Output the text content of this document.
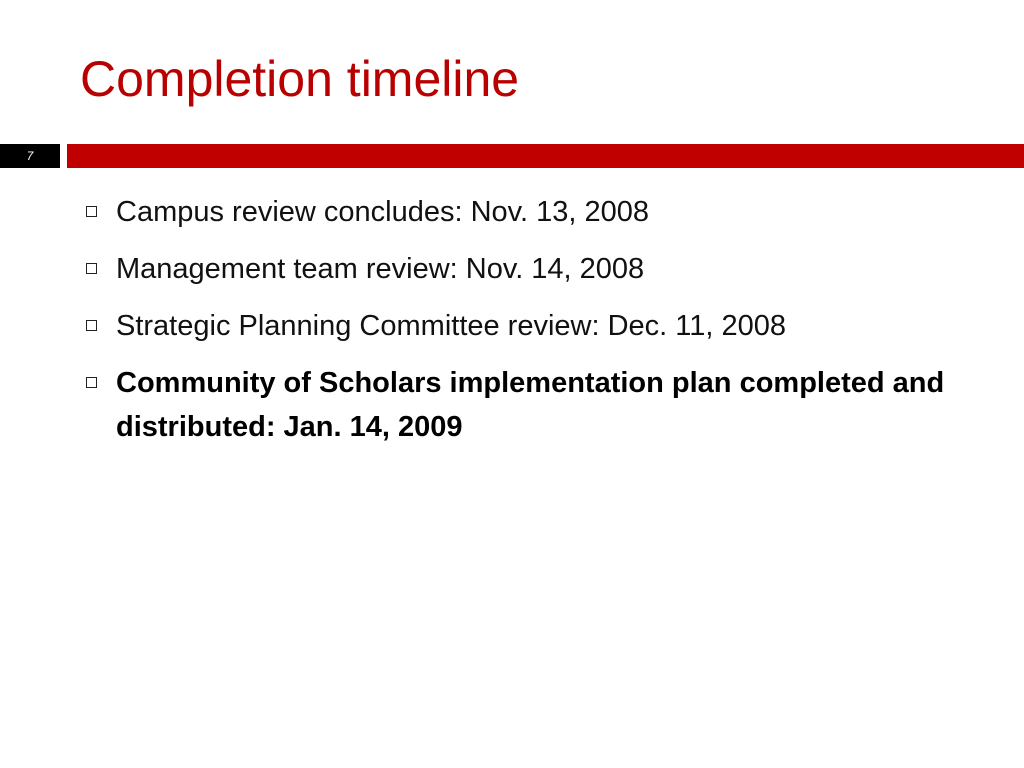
Completion timeline
7
Campus review concludes: Nov. 13, 2008
Management team review: Nov. 14, 2008
Strategic Planning Committee review: Dec. 11, 2008
Community of Scholars implementation plan completed and distributed: Jan. 14, 2009
